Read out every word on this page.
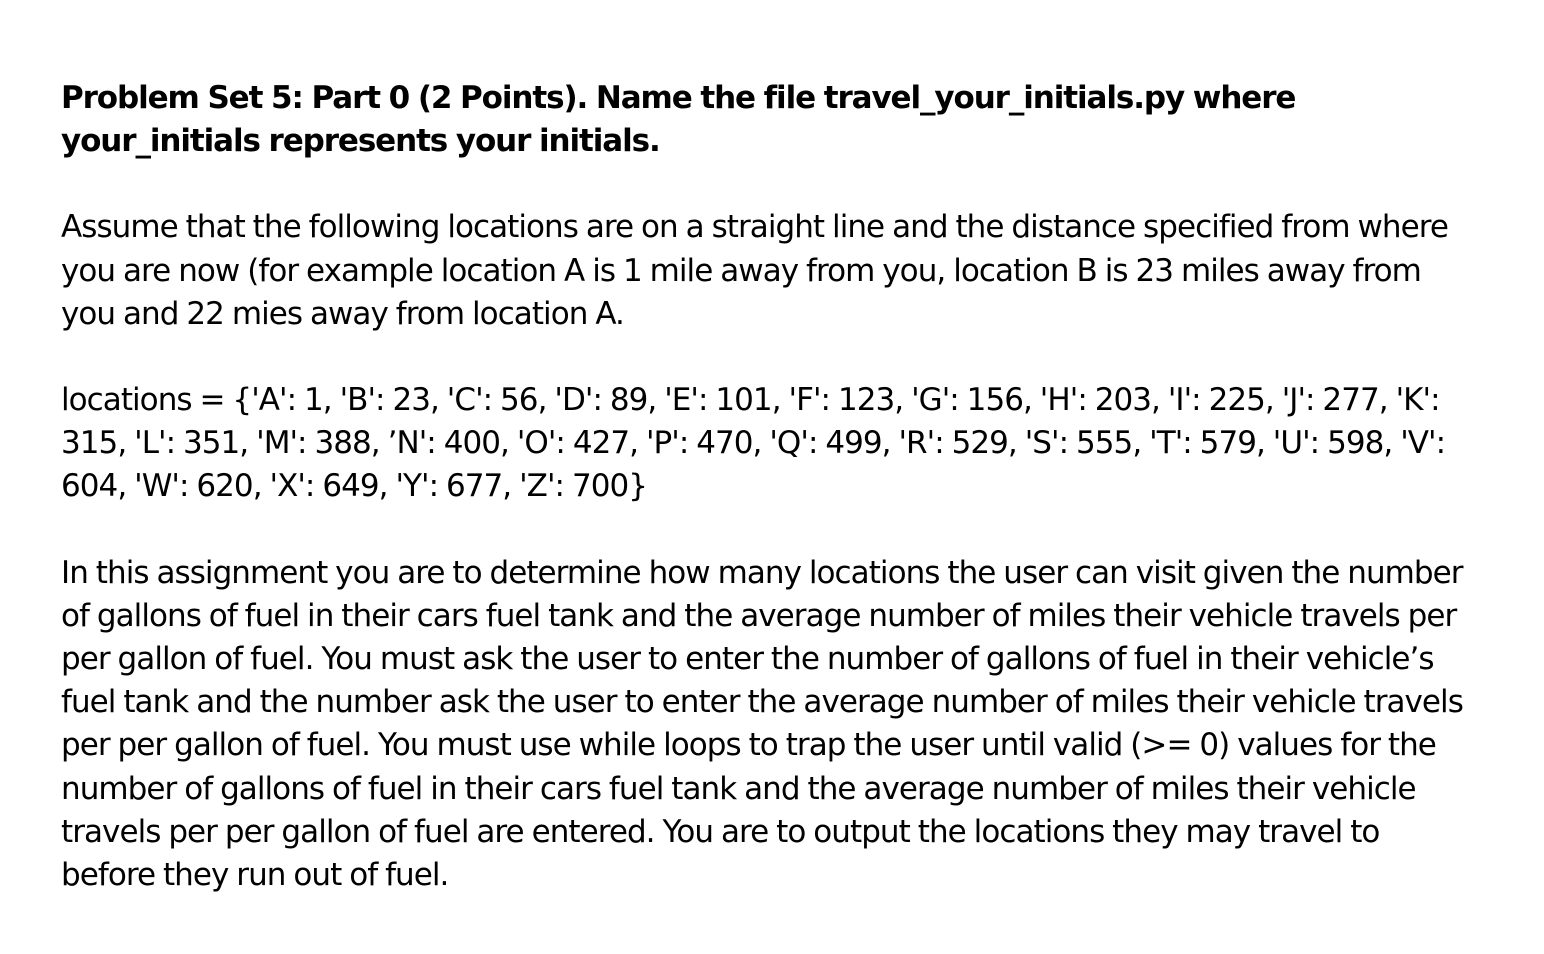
Problem Set 5: Part 0 (2 Points). Name the file travel_your_initials.py where your_initials represents your initials.

Assume that the following locations are on a straight line and the distance specified from where you are now (for example location A is 1 mile away from you, location B is 23 miles away from you and 22 mies away from location A.

locations = {'A': 1, 'B': 23, 'C': 56, 'D': 89, 'E': 101, 'F': 123, 'G': 156, 'H': 203, 'I': 225, 'J': 277, 'K': 315, 'L': 351, 'M': 388, ’N': 400, 'O': 427, 'P': 470, 'Q': 499, 'R': 529, 'S': 555, 'T': 579, 'U': 598, 'V': 604, 'W': 620, 'X': 649, 'Y': 677, 'Z': 700}

In this assignment you are to determine how many locations the user can visit given the number of gallons of fuel in their cars fuel tank and the average number of miles their vehicle travels per per gallon of fuel. You must ask the user to enter the number of gallons of fuel in their vehicle’s fuel tank and the number ask the user to enter the average number of miles their vehicle travels per per gallon of fuel. You must use while loops to trap the user until valid (>= 0) values for the number of gallons of fuel in their cars fuel tank and the average number of miles their vehicle travels per per gallon of fuel are entered. You are to output the locations they may travel to before they run out of fuel.
